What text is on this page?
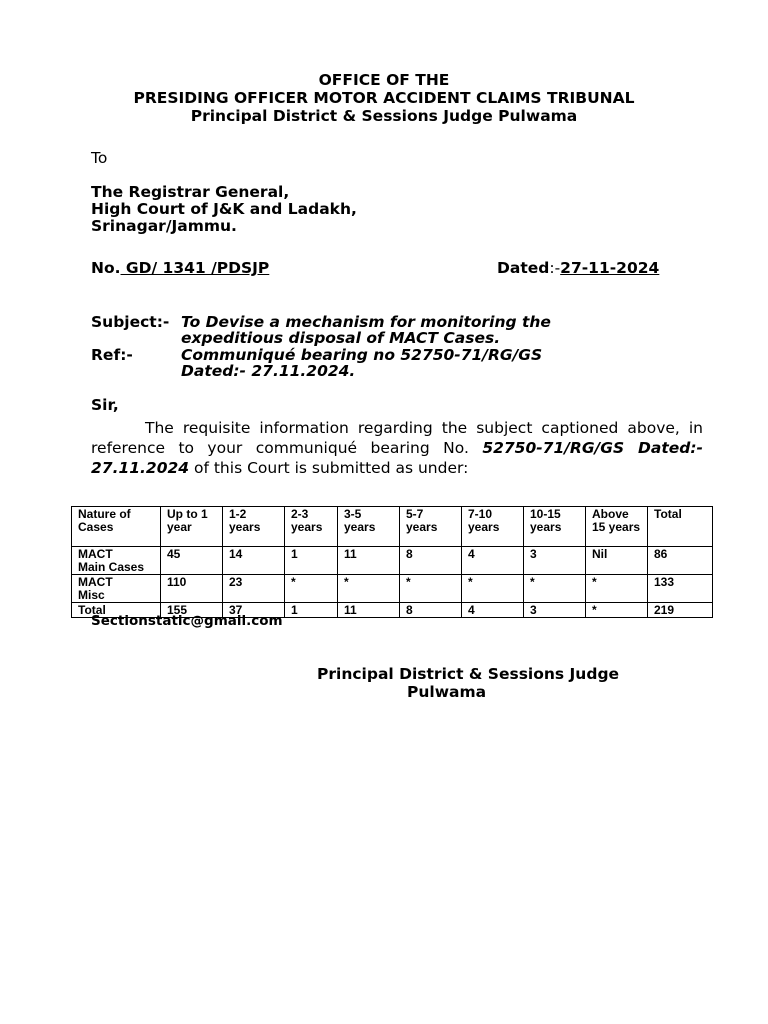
OFFICE OF THE
PRESIDING OFFICER MOTOR ACCIDENT CLAIMS TRIBUNAL
Principal District & Sessions Judge Pulwama
To
The Registrar General,
High Court of J&K and Ladakh,
Srinagar/Jammu.
No. GD/ 1341 /PDSJP	Dated:-27-11-2024
Subject:- To Devise a mechanism for monitoring the
expeditious disposal of MACT Cases.
Ref:-	Communiqué bearing no 52750-71/RG/GS
Dated:- 27.11.2024.
Sir,
The requisite information regarding the subject captioned above, in reference to your communiqué bearing No. 52750-71/RG/GS Dated:- 27.11.2024 of this Court is submitted as under:
Nature of Cases	Up to 1 year	1-2 years	2-3 years	3-5 years	5-7 years	7-10 years	10-15 years	Above 15 years	Total
MACT
Main Cases	45	14	1	11	8	4	3	Nil	86
MACT
Misc	110	23	*	*	*	*	*	*	133
Total	155	37	1	11	8	4	3	*	219
Sectionstatic@gmail.com
Principal District & Sessions Judge
Pulwama
